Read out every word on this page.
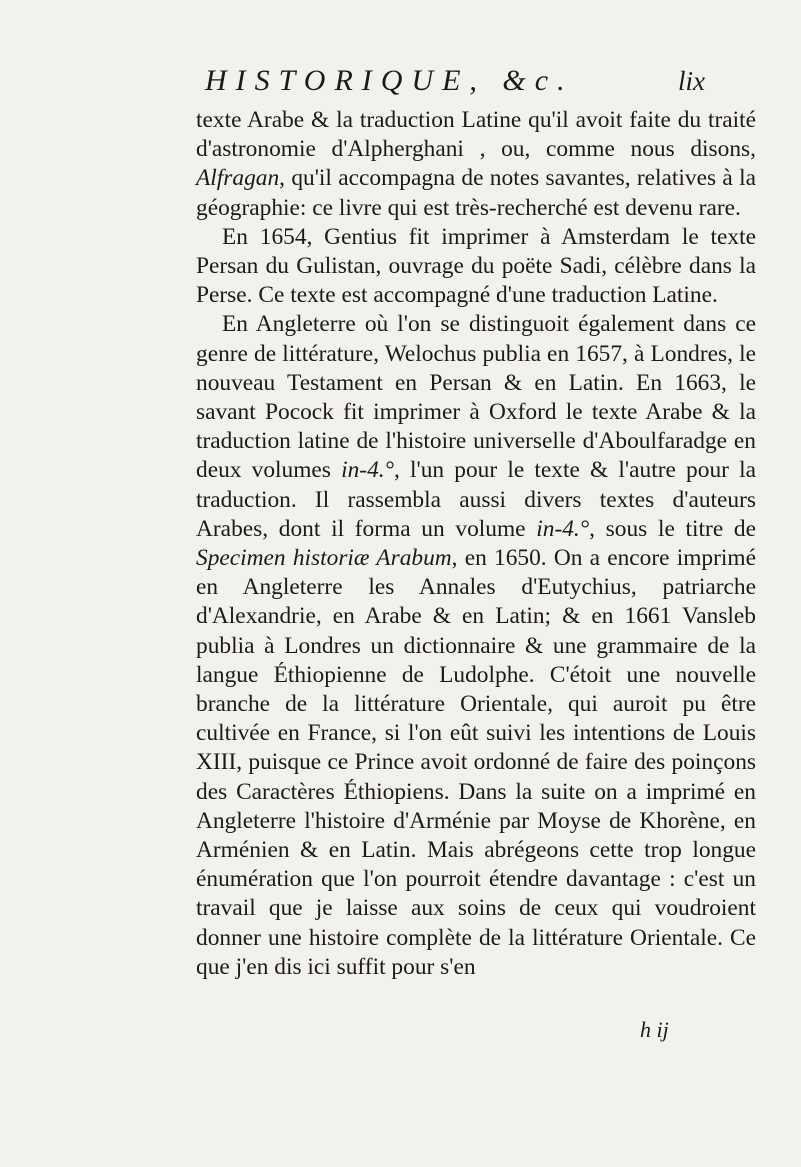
HISTORIQUE, &c.	lix

texte Arabe & la traduction Latine qu'il avoit faite du traité d'astronomie d'Alpherghani , ou, comme nous disons, Alfragan, qu'il accompagna de notes savantes, relatives à la géographie: ce livre qui est très-recherché est devenu rare.

En 1654, Gentius fit imprimer à Amsterdam le texte Persan du Gulistan, ouvrage du poëte Sadi, célèbre dans la Perse. Ce texte est accompagné d'une traduction Latine.

En Angleterre où l'on se distinguoit également dans ce genre de littérature, Welochus publia en 1657, à Londres, le nouveau Testament en Persan & en Latin. En 1663, le savant Pocock fit imprimer à Oxford le texte Arabe & la traduction latine de l'histoire universelle d'Aboulfaradge en deux volumes in-4.°, l'un pour le texte & l'autre pour la traduction. Il rassembla aussi divers textes d'auteurs Arabes, dont il forma un volume in-4.°, sous le titre de Specimen historiæ Arabum, en 1650. On a encore imprimé en Angleterre les Annales d'Eutychius, patriarche d'Alexandrie, en Arabe & en Latin; & en 1661 Vansleb publia à Londres un dictionnaire & une grammaire de la langue Éthiopienne de Ludolphe. C'étoit une nouvelle branche de la littérature Orientale, qui auroit pu être cultivée en France, si l'on eût suivi les intentions de Louis XIII, puisque ce Prince avoit ordonné de faire des poinçons des Caractères Éthiopiens. Dans la suite on a imprimé en Angleterre l'histoire d'Arménie par Moyse de Khorène, en Arménien & en Latin. Mais abrégeons cette trop longue énumération que l'on pourroit étendre davantage : c'est un travail que je laisse aux soins de ceux qui voudroient donner une histoire complète de la littérature Orientale. Ce que j'en dis ici suffit pour s'en

h ij
